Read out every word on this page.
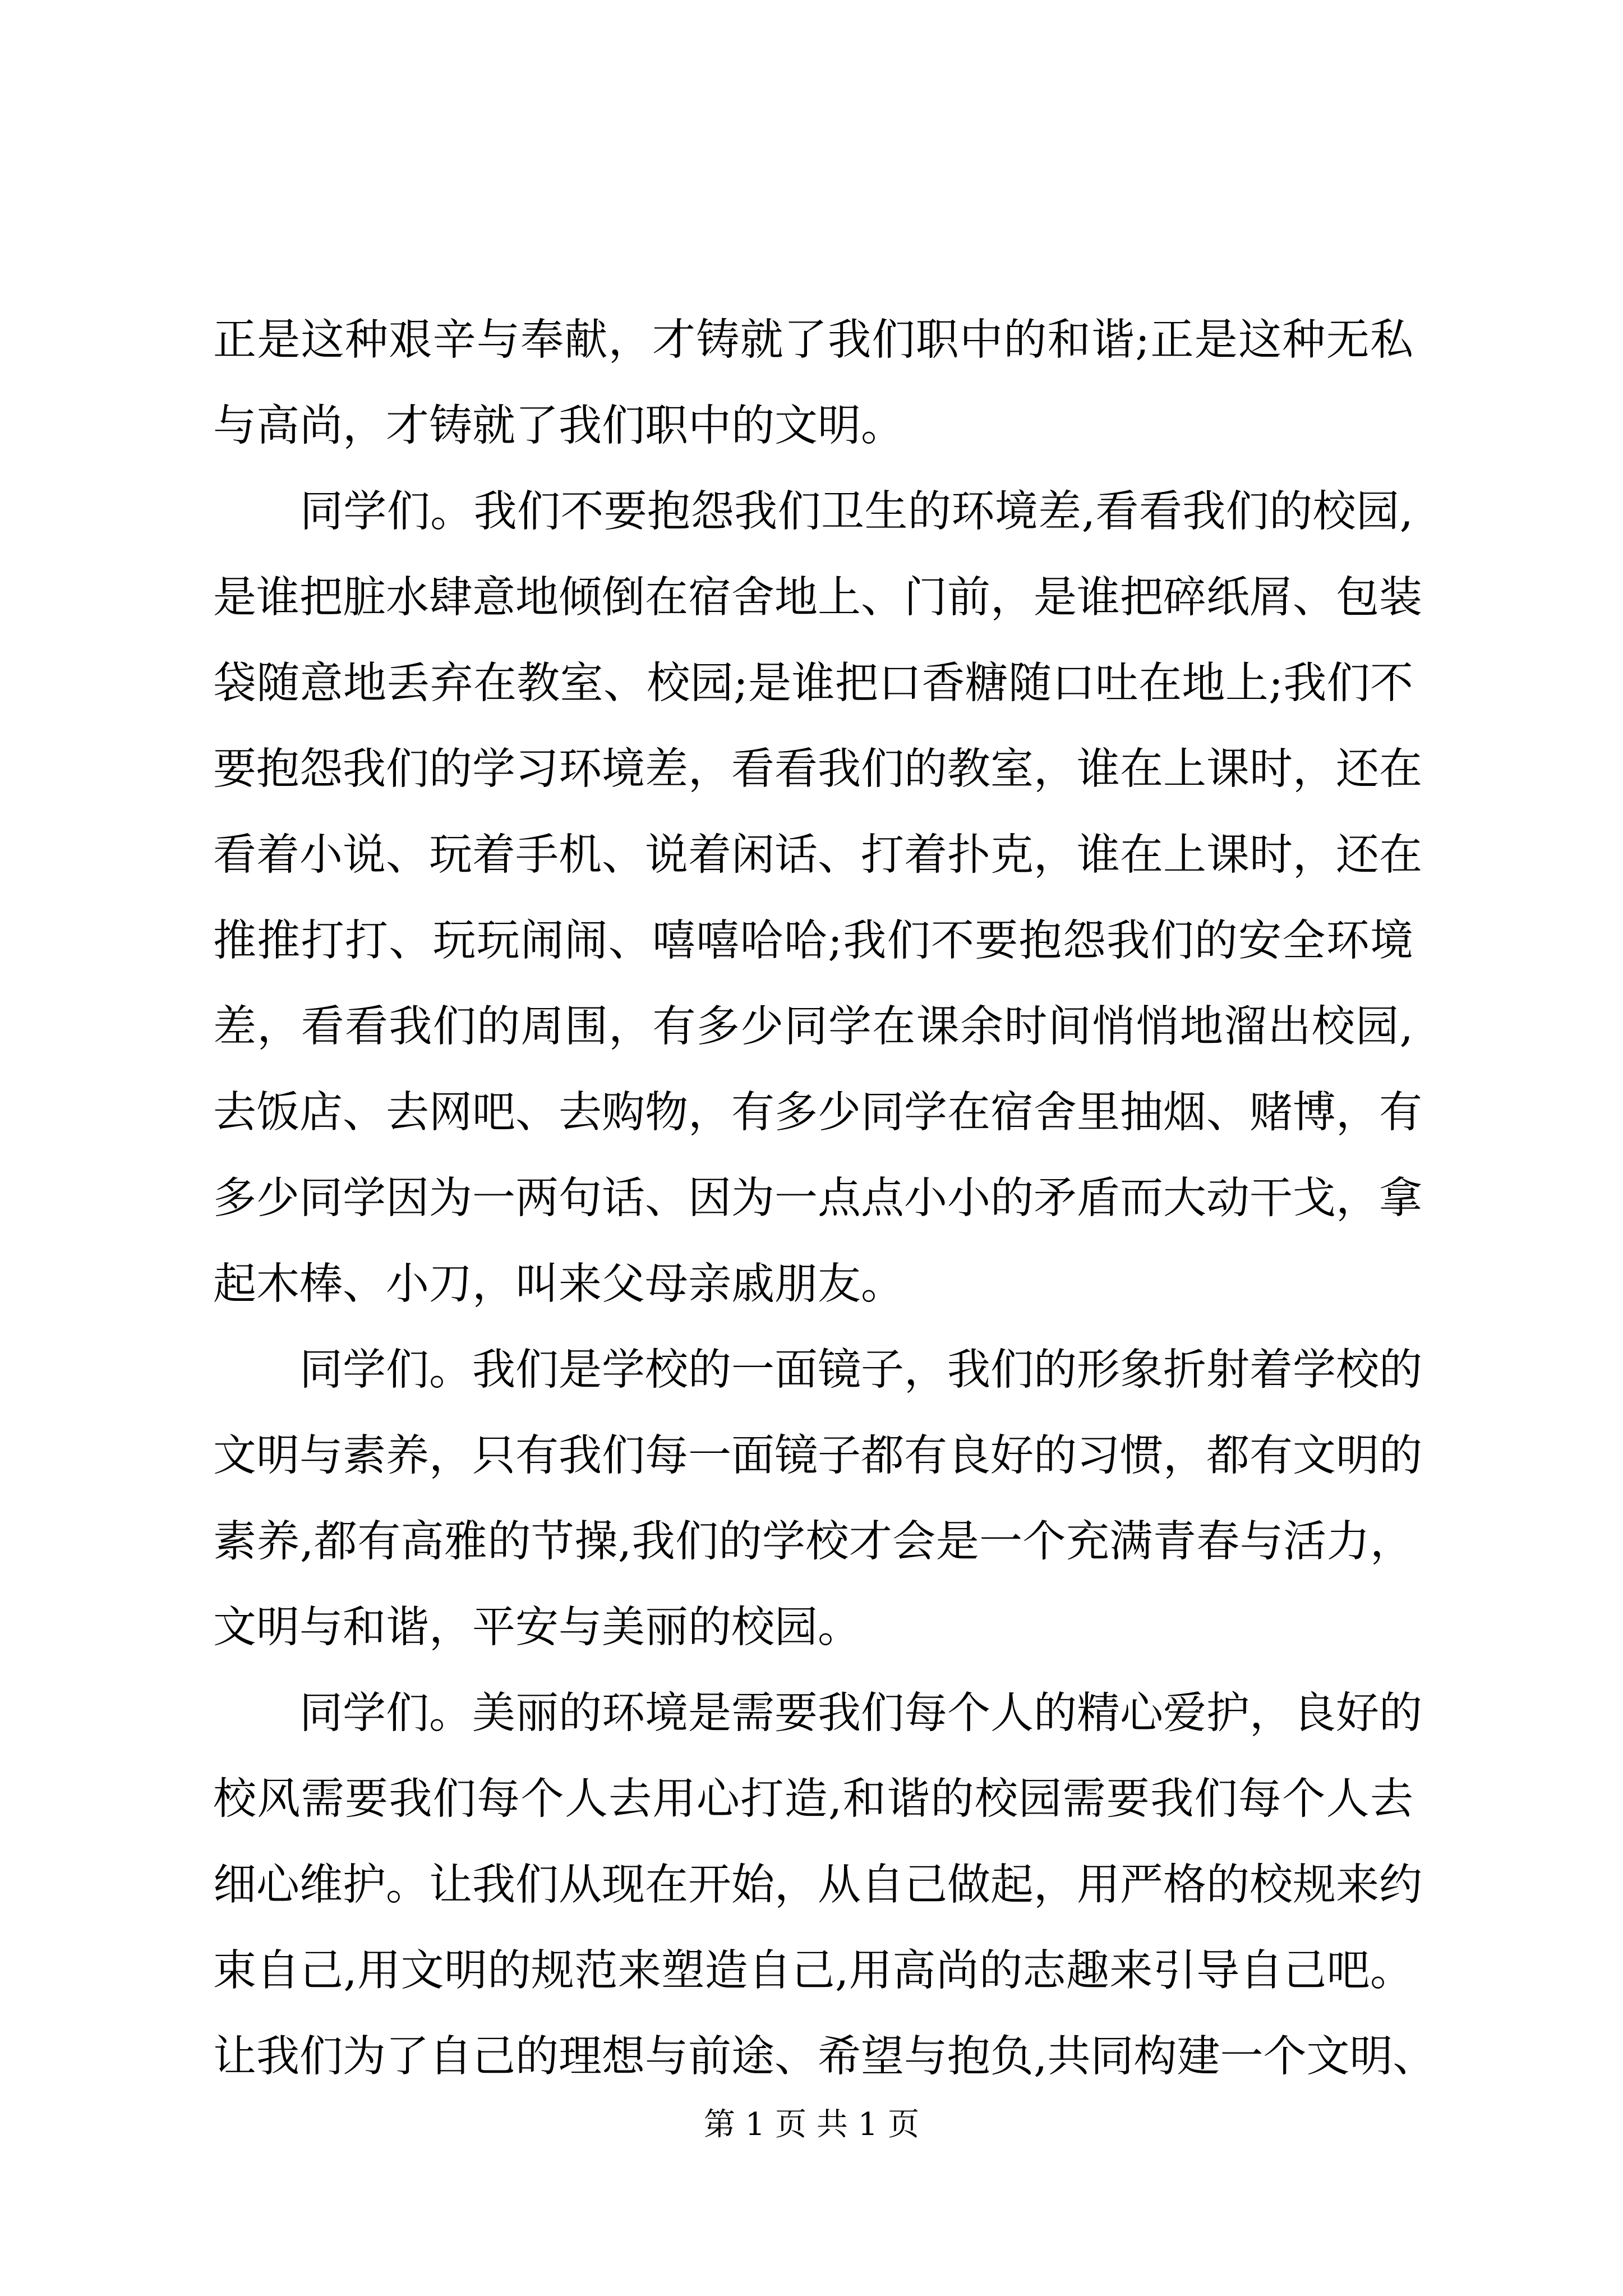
正是这种艰辛与奉献，才铸就了我们职中的和谐;正是这种无私
与高尚，才铸就了我们职中的文明。
　　同学们。我们不要抱怨我们卫生的环境差,看看我们的校园,
是谁把脏水肆意地倾倒在宿舍地上、门前，是谁把碎纸屑、包装
袋随意地丢弃在教室、校园;是谁把口香糖随口吐在地上;我们不
要抱怨我们的学习环境差，看看我们的教室，谁在上课时，还在
看着小说、玩着手机、说着闲话、打着扑克，谁在上课时，还在
推推打打、玩玩闹闹、嘻嘻哈哈;我们不要抱怨我们的安全环境
差，看看我们的周围，有多少同学在课余时间悄悄地溜出校园,
去饭店、去网吧、去购物，有多少同学在宿舍里抽烟、赌博，有
多少同学因为一两句话、因为一点点小小的矛盾而大动干戈，拿
起木棒、小刀，叫来父母亲戚朋友。
　　同学们。我们是学校的一面镜子，我们的形象折射着学校的
文明与素养，只有我们每一面镜子都有良好的习惯，都有文明的
素养,都有高雅的节操,我们的学校才会是一个充满青春与活力，
文明与和谐，平安与美丽的校园。
　　同学们。美丽的环境是需要我们每个人的精心爱护，良好的
校风需要我们每个人去用心打造,和谐的校园需要我们每个人去
细心维护。让我们从现在开始，从自己做起，用严格的校规来约
束自己,用文明的规范来塑造自己,用高尚的志趣来引导自己吧。
让我们为了自己的理想与前途、希望与抱负,共同构建一个文明、
第 1 页 共 1 页
